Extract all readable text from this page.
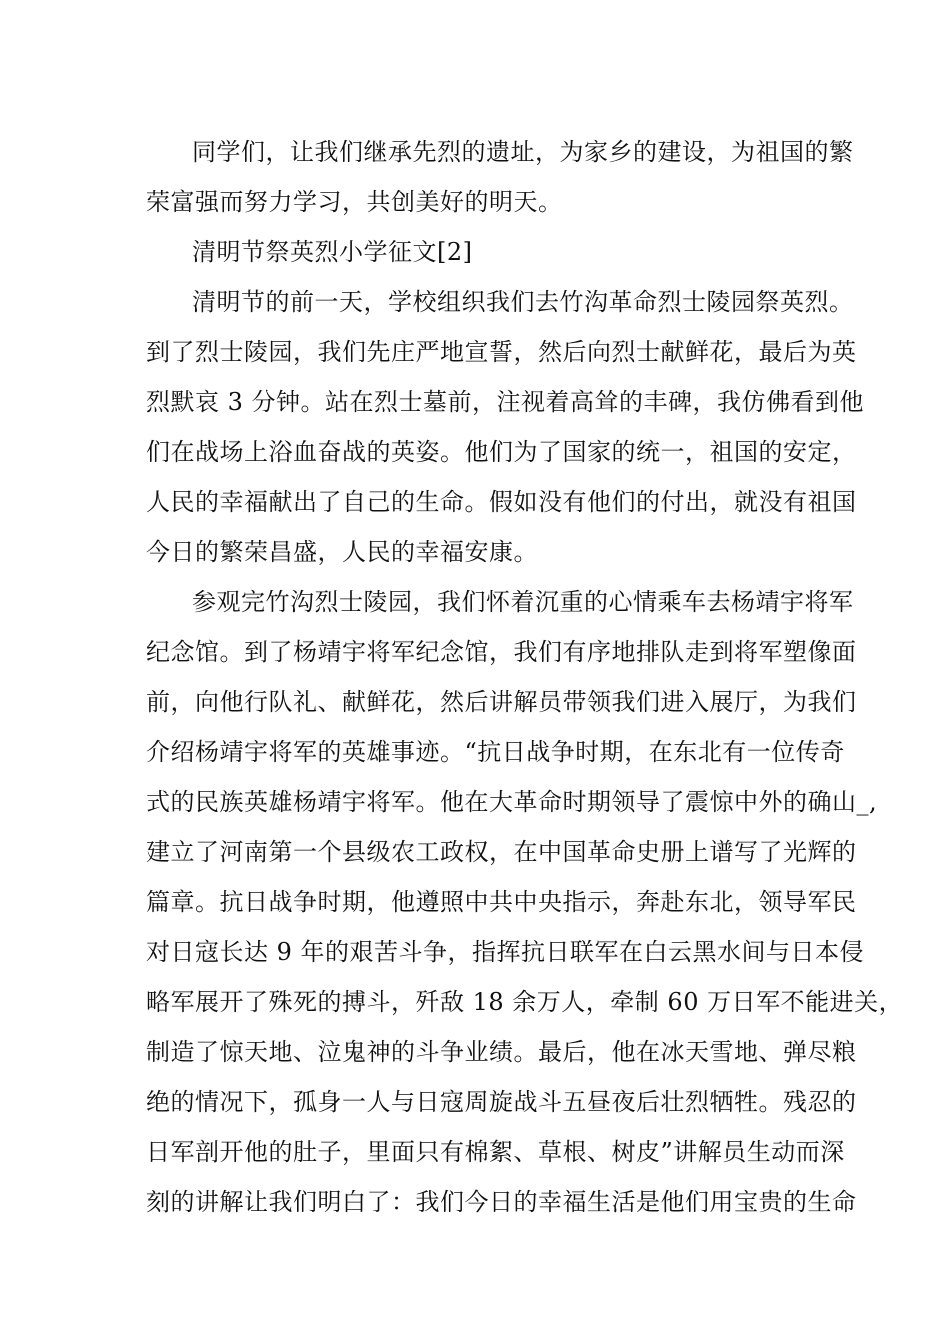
同学们，让我们继承先烈的遗址，为家乡的建设，为祖国的繁
荣富强而努力学习，共创美好的明天。
清明节祭英烈小学征文[2]
清明节的前一天，学校组织我们去竹沟革命烈士陵园祭英烈。
到了烈士陵园，我们先庄严地宣誓，然后向烈士献鲜花，最后为英
烈默哀 3 分钟。站在烈士墓前，注视着高耸的丰碑，我仿佛看到他
们在战场上浴血奋战的英姿。他们为了国家的统一，祖国的安定，
人民的幸福献出了自己的生命。假如没有他们的付出，就没有祖国
今日的繁荣昌盛，人民的幸福安康。
参观完竹沟烈士陵园，我们怀着沉重的心情乘车去杨靖宇将军
纪念馆。到了杨靖宇将军纪念馆，我们有序地排队走到将军塑像面
前，向他行队礼、献鲜花，然后讲解员带领我们进入展厅，为我们
介绍杨靖宇将军的英雄事迹。“抗日战争时期，在东北有一位传奇
式的民族英雄杨靖宇将军。他在大革命时期领导了震惊中外的确山_,
建立了河南第一个县级农工政权，在中国革命史册上谱写了光辉的
篇章。抗日战争时期，他遵照中共中央指示，奔赴东北，领导军民
对日寇长达 9 年的艰苦斗争，指挥抗日联军在白云黑水间与日本侵
略军展开了殊死的搏斗，歼敌 18 余万人，牵制 60 万日军不能进关，
制造了惊天地、泣鬼神的斗争业绩。最后，他在冰天雪地、弹尽粮
绝的情况下，孤身一人与日寇周旋战斗五昼夜后壮烈牺牲。残忍的
日军剖开他的肚子，里面只有棉絮、草根、树皮”讲解员生动而深
刻的讲解让我们明白了：我们今日的幸福生活是他们用宝贵的生命
